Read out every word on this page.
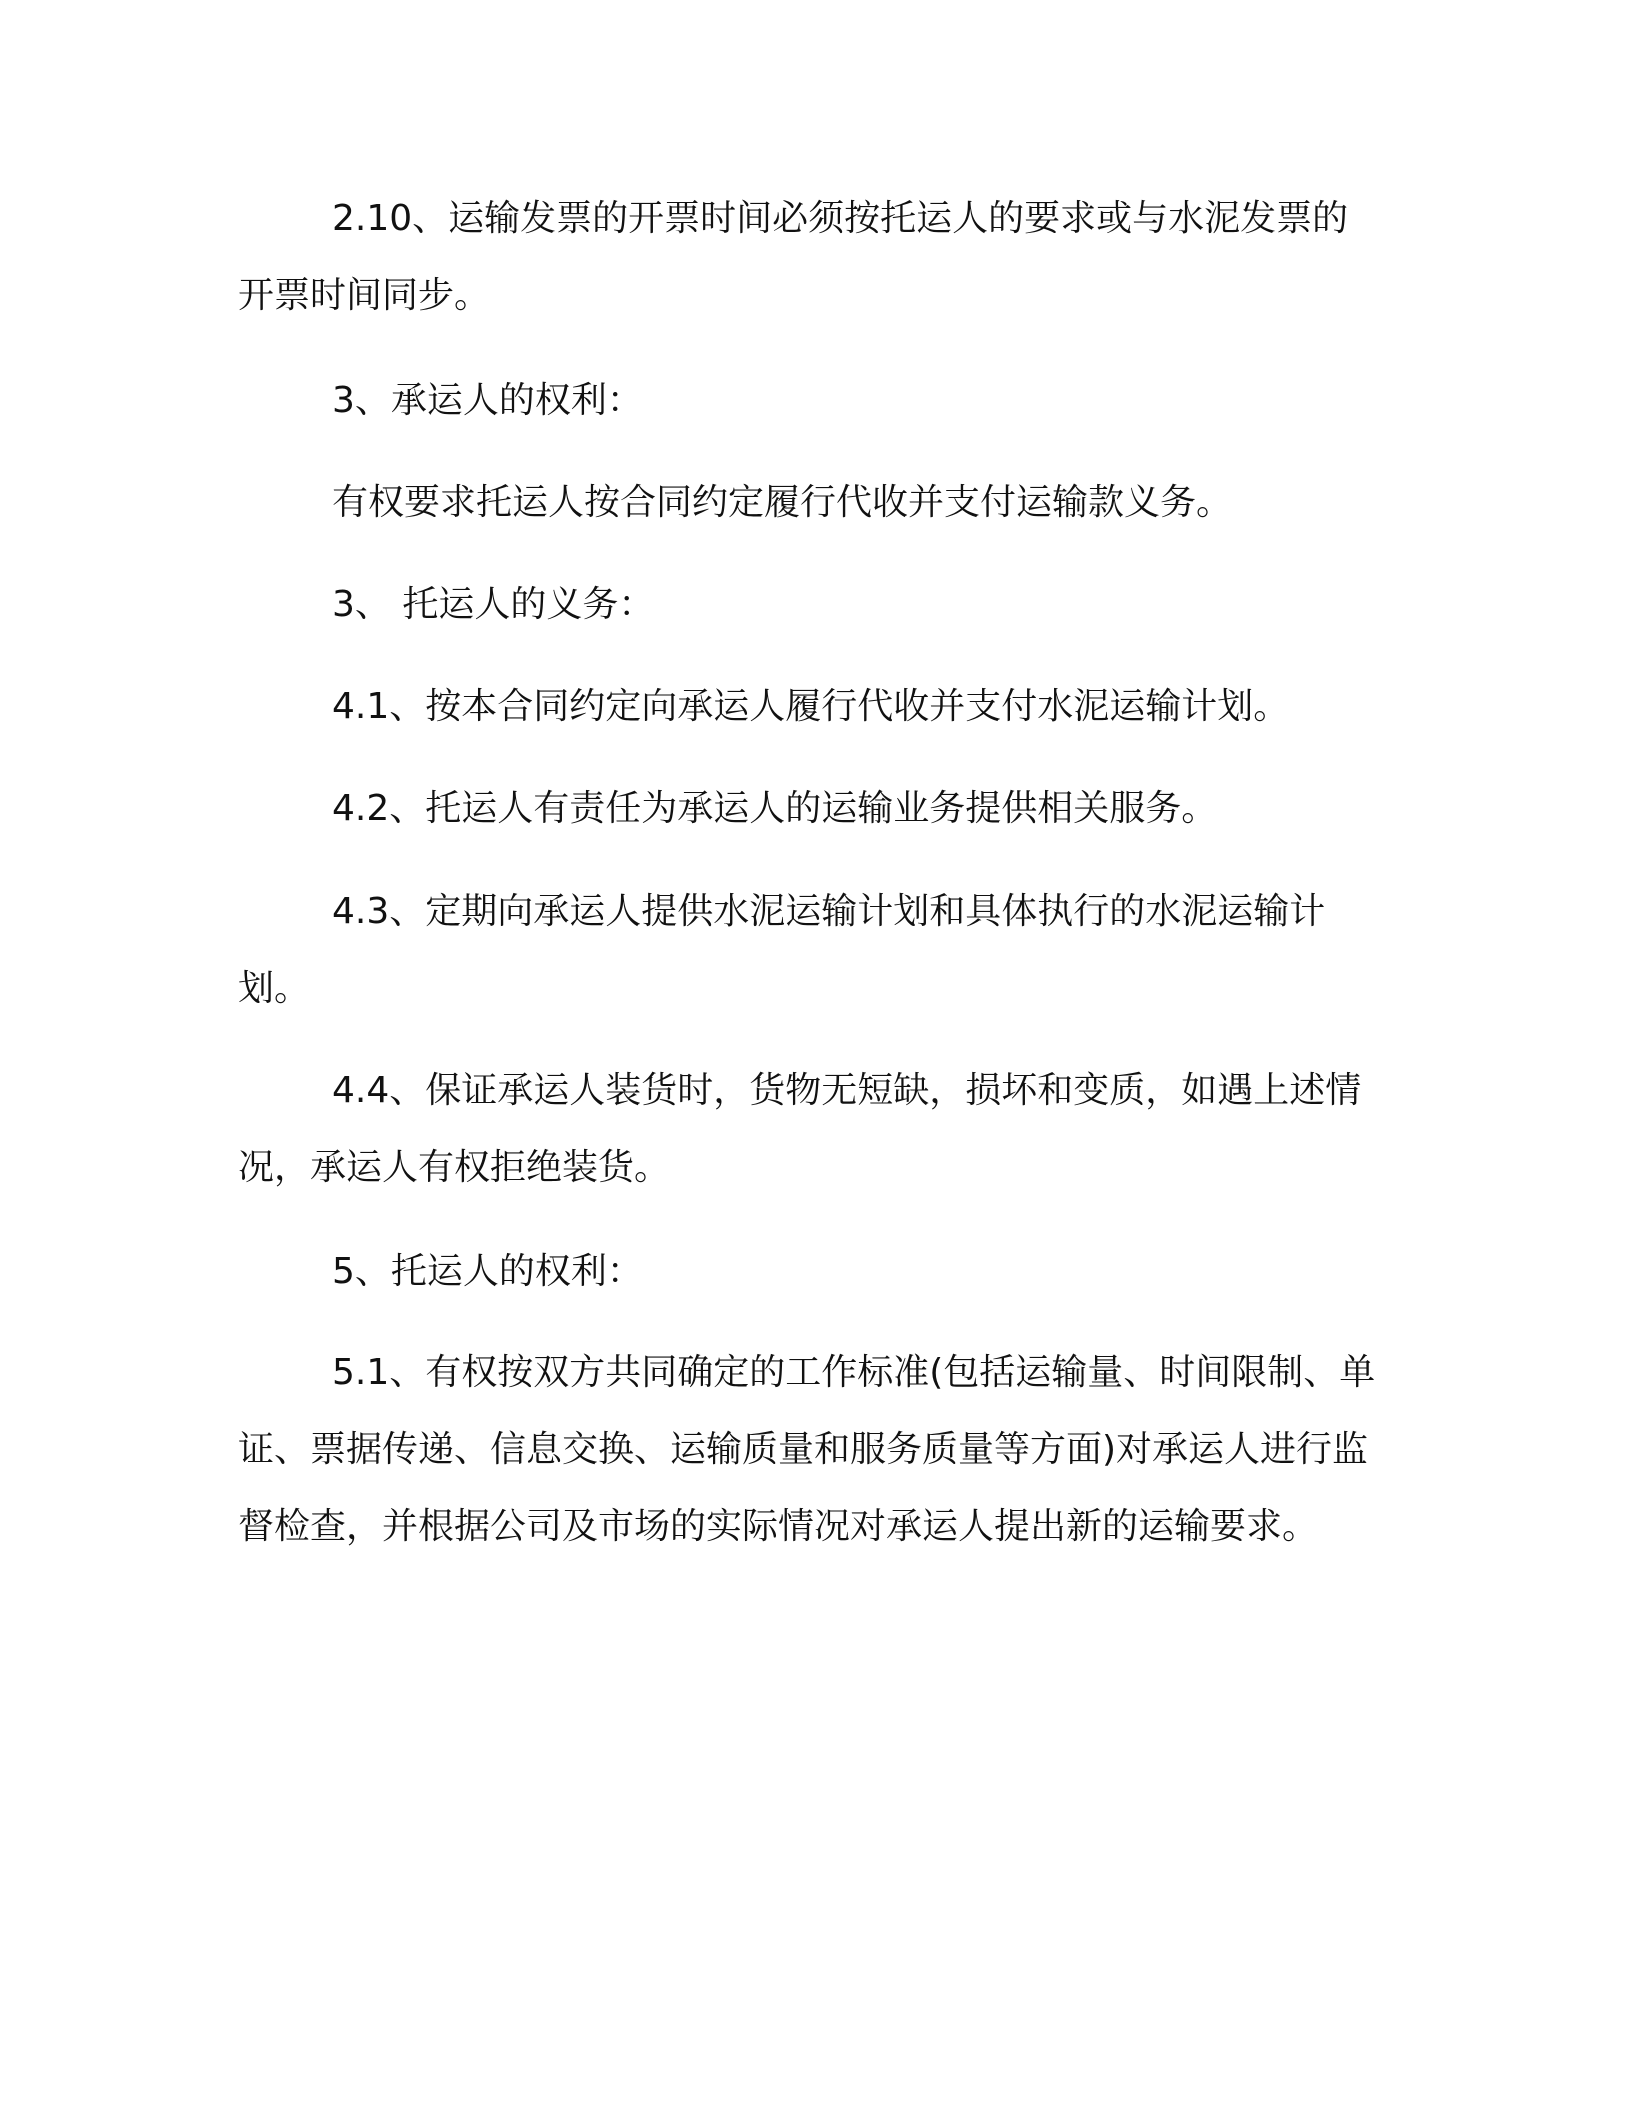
2.10、运输发票的开票时间必须按托运人的要求或与水泥发票的开票时间同步。

3、承运人的权利：

有权要求托运人按合同约定履行代收并支付运输款义务。

3、 托运人的义务：

4.1、按本合同约定向承运人履行代收并支付水泥运输计划。

4.2、托运人有责任为承运人的运输业务提供相关服务。

4.3、定期向承运人提供水泥运输计划和具体执行的水泥运输计划。

4.4、保证承运人装货时，货物无短缺，损坏和变质，如遇上述情况，承运人有权拒绝装货。

5、托运人的权利：

5.1、有权按双方共同确定的工作标准(包括运输量、时间限制、单证、票据传递、信息交换、运输质量和服务质量等方面)对承运人进行监督检查，并根据公司及市场的实际情况对承运人提出新的运输要求。
